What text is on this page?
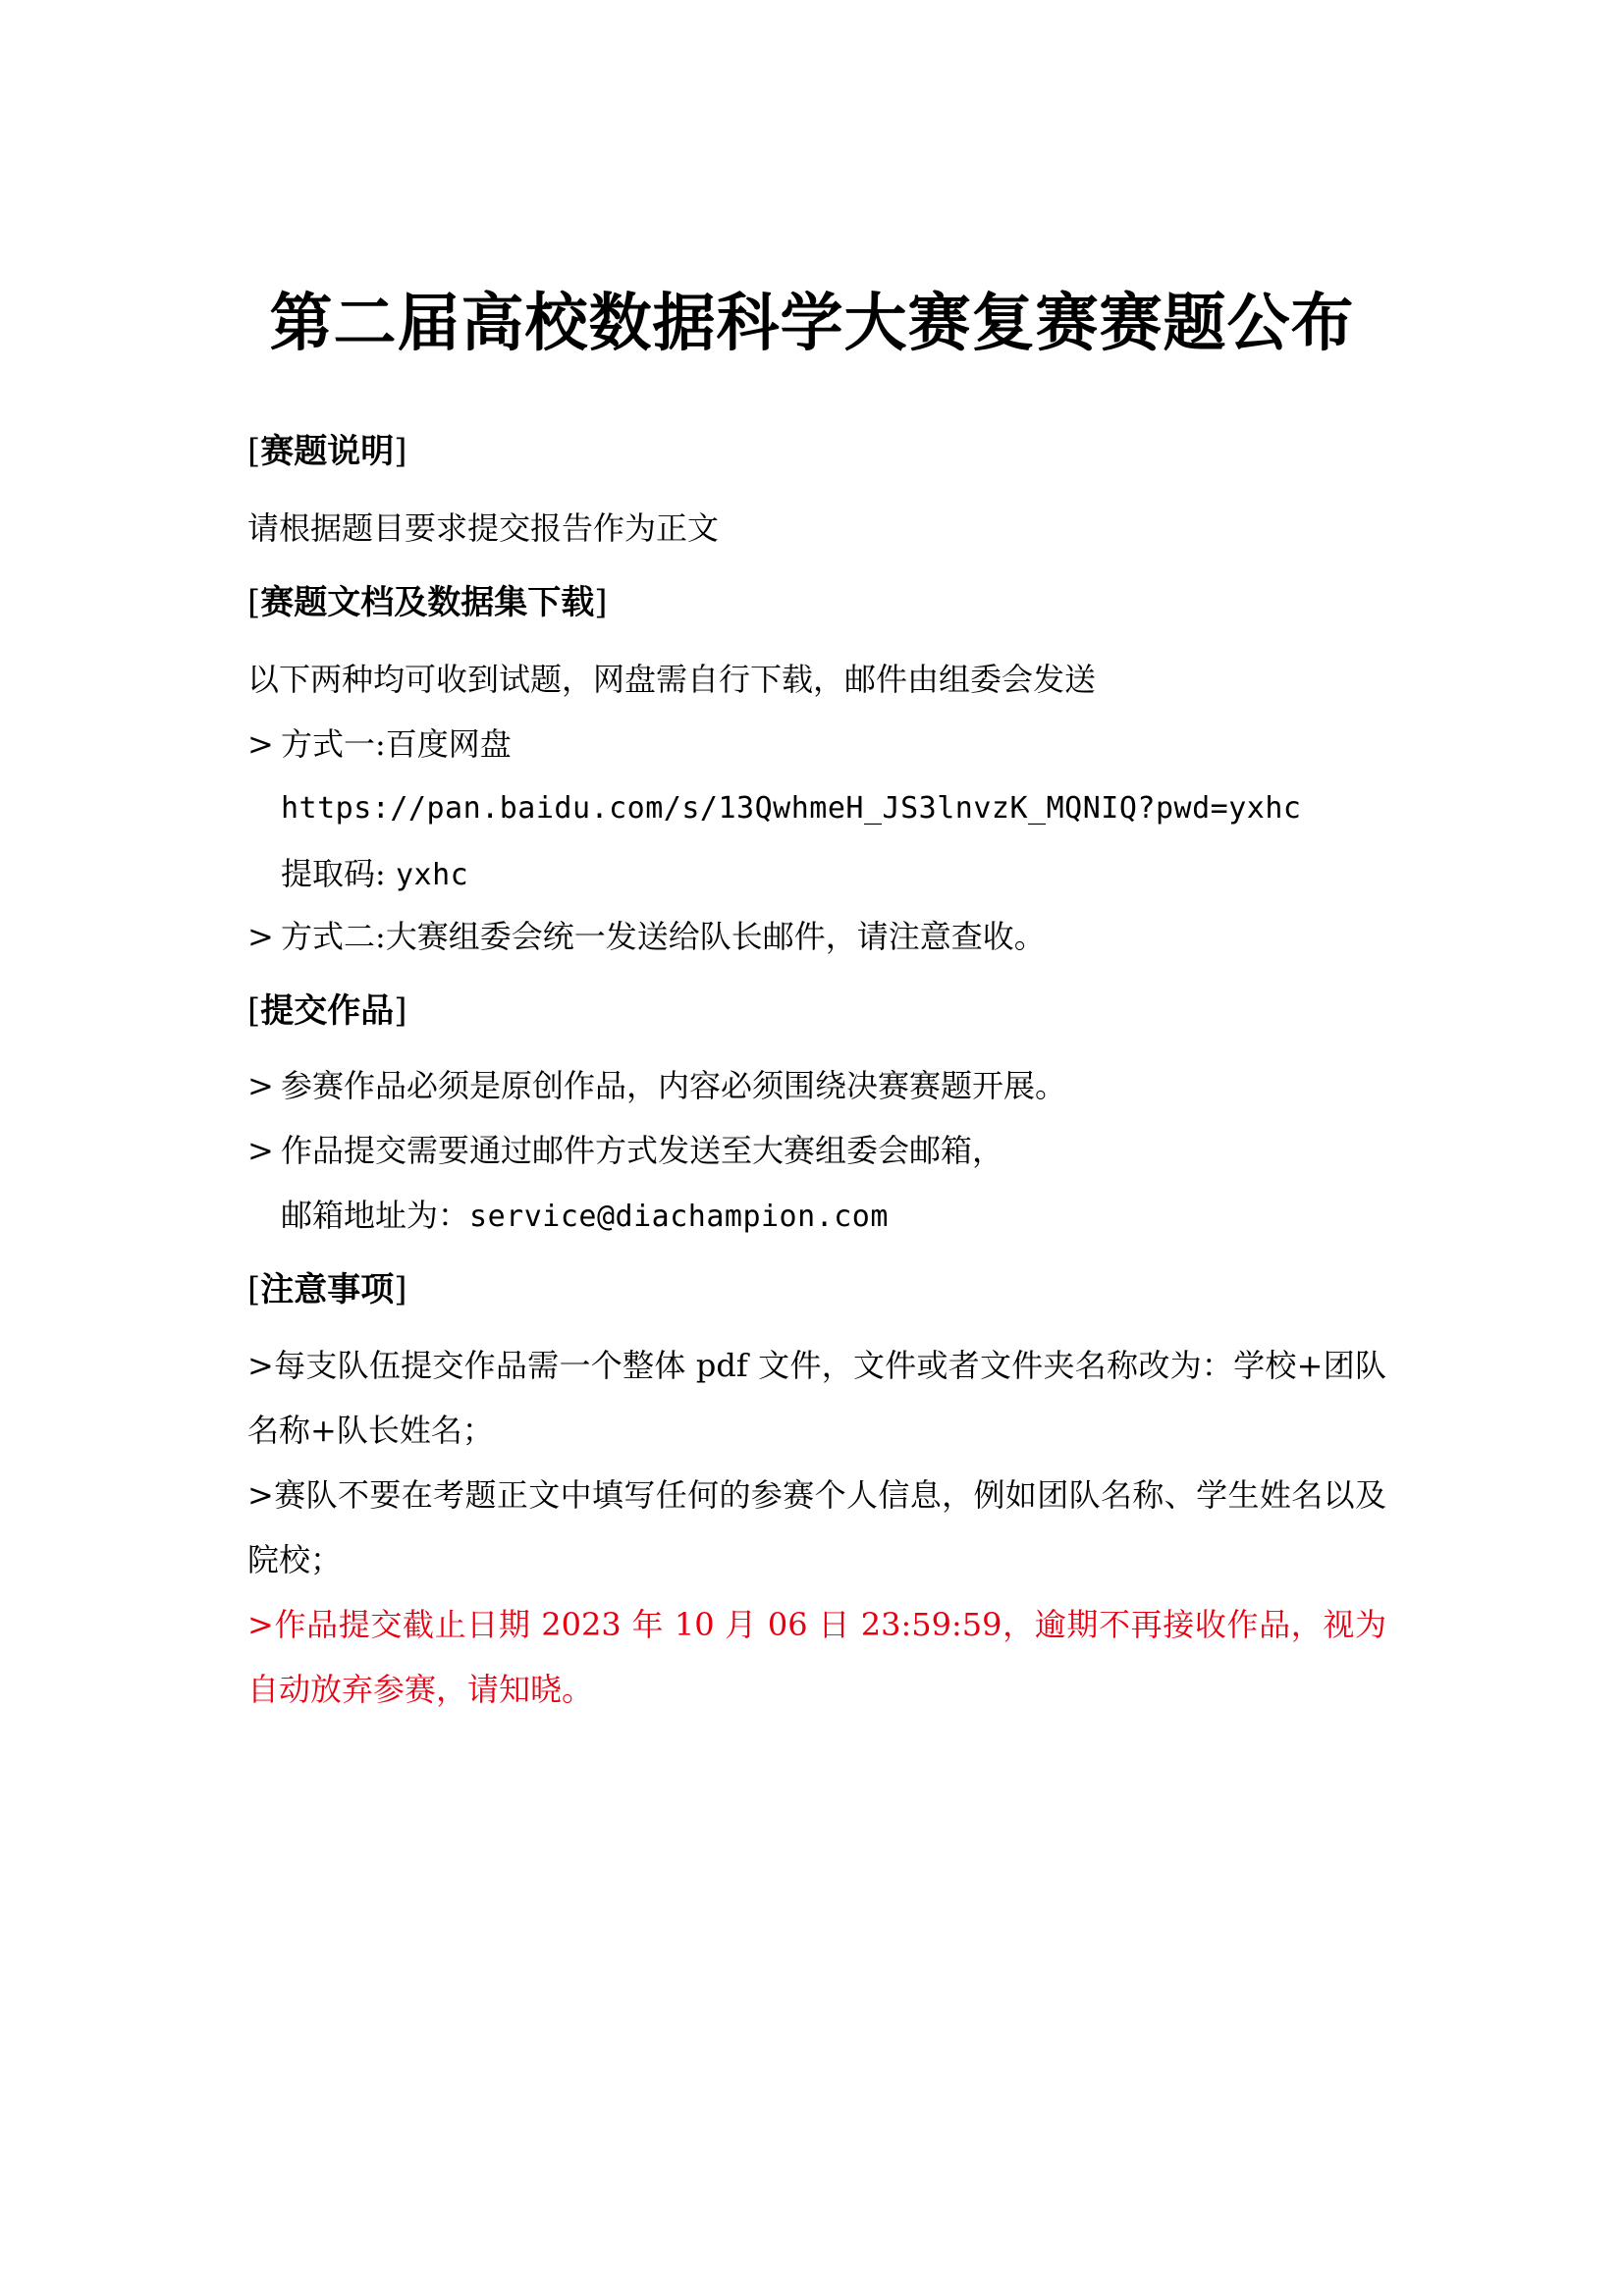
第二届高校数据科学大赛复赛赛题公布
[赛题说明]
请根据题目要求提交报告作为正文
[赛题文档及数据集下载]
以下两种均可收到试题，网盘需自行下载，邮件由组委会发送
> 方式一:百度网盘
https://pan.baidu.com/s/13QwhmeH_JS3lnvzK_MQNIQ?pwd=yxhc
提取码: yxhc
> 方式二:大赛组委会统一发送给队长邮件，请注意查收。
[提交作品]
> 参赛作品必须是原创作品，内容必须围绕决赛赛题开展。
> 作品提交需要通过邮件方式发送至大赛组委会邮箱，
邮箱地址为：service@diachampion.com
[注意事项]
>每支队伍提交作品需一个整体 pdf 文件，文件或者文件夹名称改为：学校+团队名称+队长姓名；
>赛队不要在考题正文中填写任何的参赛个人信息，例如团队名称、学生姓名以及院校；
>作品提交截止日期 2023 年 10 月 06 日 23:59:59，逾期不再接收作品，视为自动放弃参赛，请知晓。
